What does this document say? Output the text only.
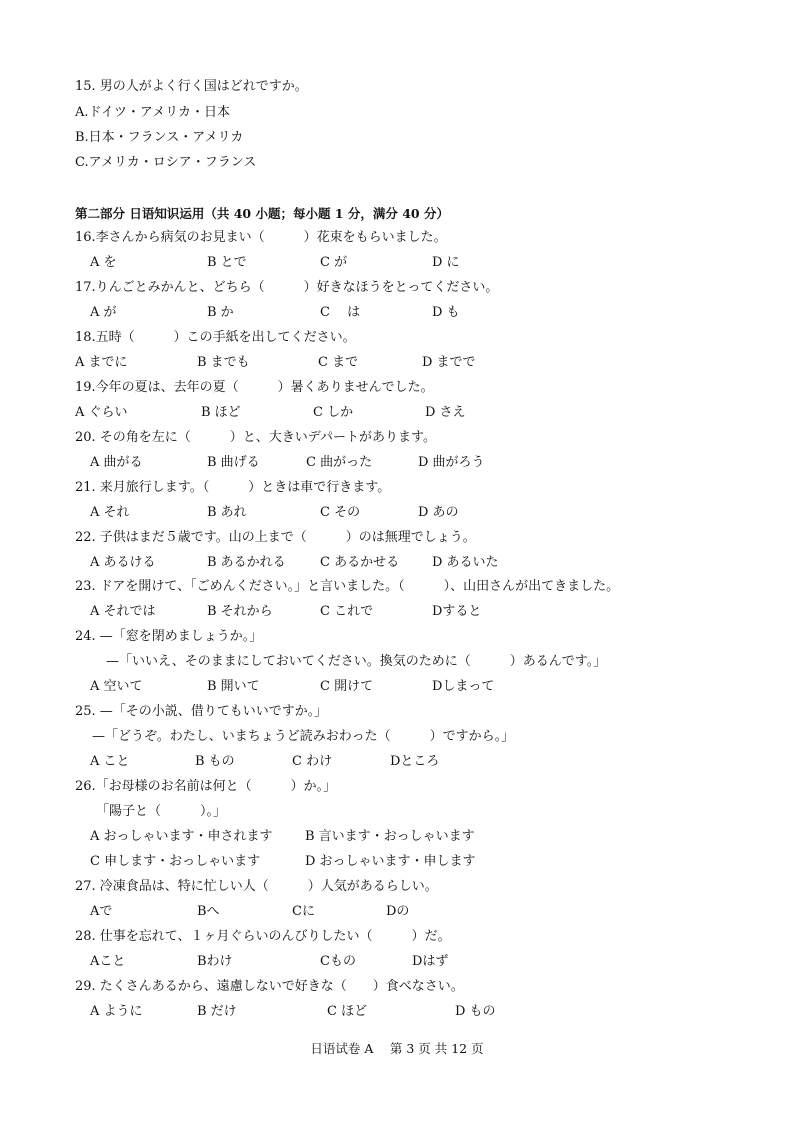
15. 男の人がよく行く国はどれですか。
A.ドイツ・アメリカ・日本
B.日本・フランス・アメリカ
C.アメリカ・ロシア・フランス
第二部分 日语知识运用（共 40 小题；每小题 1 分，满分 40 分）
16.李さんから病気のお見まい（　　　）花束をもらいました。
A を	B とで	C が	D に
17.りんごとみかんと、どちら（　　　）好きなほうをとってください。
A が	B か	C　 は	D も
18.五時（　　　）この手紙を出してください。
A までに	B までも	C まで	D までで
19.今年の夏は、去年の夏（　　　）暑くありませんでした。
A ぐらい	B ほど	C しか	D さえ
20. その角を左に（　　　）と、大きいデパートがあります。
A 曲がる	B 曲げる	C 曲がった	D 曲がろう
21. 来月旅行します。（　　　）ときは車で行きます。
A それ	B あれ	C その	D あの
22. 子供はまだ５歳です。山の上まで（　　　）のは無理でしょう。
A あるける	B あるかれる	C あるかせる	D あるいた
23. ドアを開けて、「ごめんください。」と言いました。（　　　）、山田さんが出てきました。
A それでは	B それから	C これで	Dすると
24. —「窓を閉めましょうか。」
—「いいえ、そのままにしておいてください。換気のために（　　　）あるんです。」
A 空いて	B 開いて	C 開けて	Dしまって
25. —「その小説、借りてもいいですか。」
—「どうぞ。わたし、いまちょうど読みおわった（　　　）ですから。」
A こと	B もの	C わけ	Dところ
26.「お母様のお名前は何と（　　　）か。」
「陽子と（　　　）。」
A おっしゃいます・申されます B 言います・おっしゃいます
C 申します・おっしゃいます	D おっしゃいます・申します
27. 冷凍食品は、特に忙しい人（　　　）人気があるらしい。
Aで	Bへ	Cに	Dの
28. 仕事を忘れて、１ヶ月ぐらいのんびりしたい（　　　）だ。
Aこと	Bわけ	Cもの	Dはず
29. たくさんあるから、遠慮しないで好きな（　　）食べなさい。
A ように	B だけ	C ほど	D もの
日语试卷 A　 第 3 页 共 12 页
